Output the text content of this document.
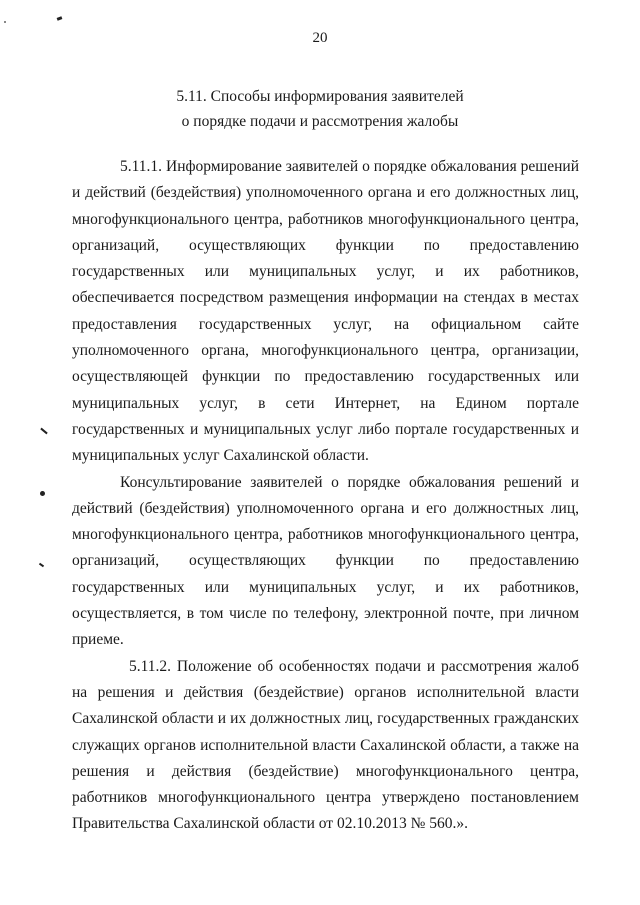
20
5.11. Способы информирования заявителей
о порядке подачи и рассмотрения жалобы

5.11.1. Информирование заявителей о порядке обжалования решений и действий (бездействия) уполномоченного органа и его должностных лиц, многофункционального центра, работников многофункционального центра, организаций, осуществляющих функции по предоставлению государственных или муниципальных услуг, и их работников, обеспечивается посредством размещения информации на стендах в местах предоставления государственных услуг, на официальном сайте уполномоченного органа, многофункционального центра, организации, осуществляющей функции по предоставлению государственных или муниципальных услуг, в сети Интернет, на Едином портале государственных и муниципальных услуг либо портале государственных и муниципальных услуг Сахалинской области.

Консультирование заявителей о порядке обжалования решений и действий (бездействия) уполномоченного органа и его должностных лиц, многофункционального центра, работников многофункционального центра, организаций, осуществляющих функции по предоставлению государственных или муниципальных услуг, и их работников, осуществляется, в том числе по телефону, электронной почте, при личном приеме.

5.11.2. Положение об особенностях подачи и рассмотрения жалоб на решения и действия (бездействие) органов исполнительной власти Сахалинской области и их должностных лиц, государственных гражданских служащих органов исполнительной власти Сахалинской области, а также на решения и действия (бездействие) многофункционального центра, работников многофункционального центра утверждено постановлением Правительства Сахалинской области от 02.10.2013 № 560.».
